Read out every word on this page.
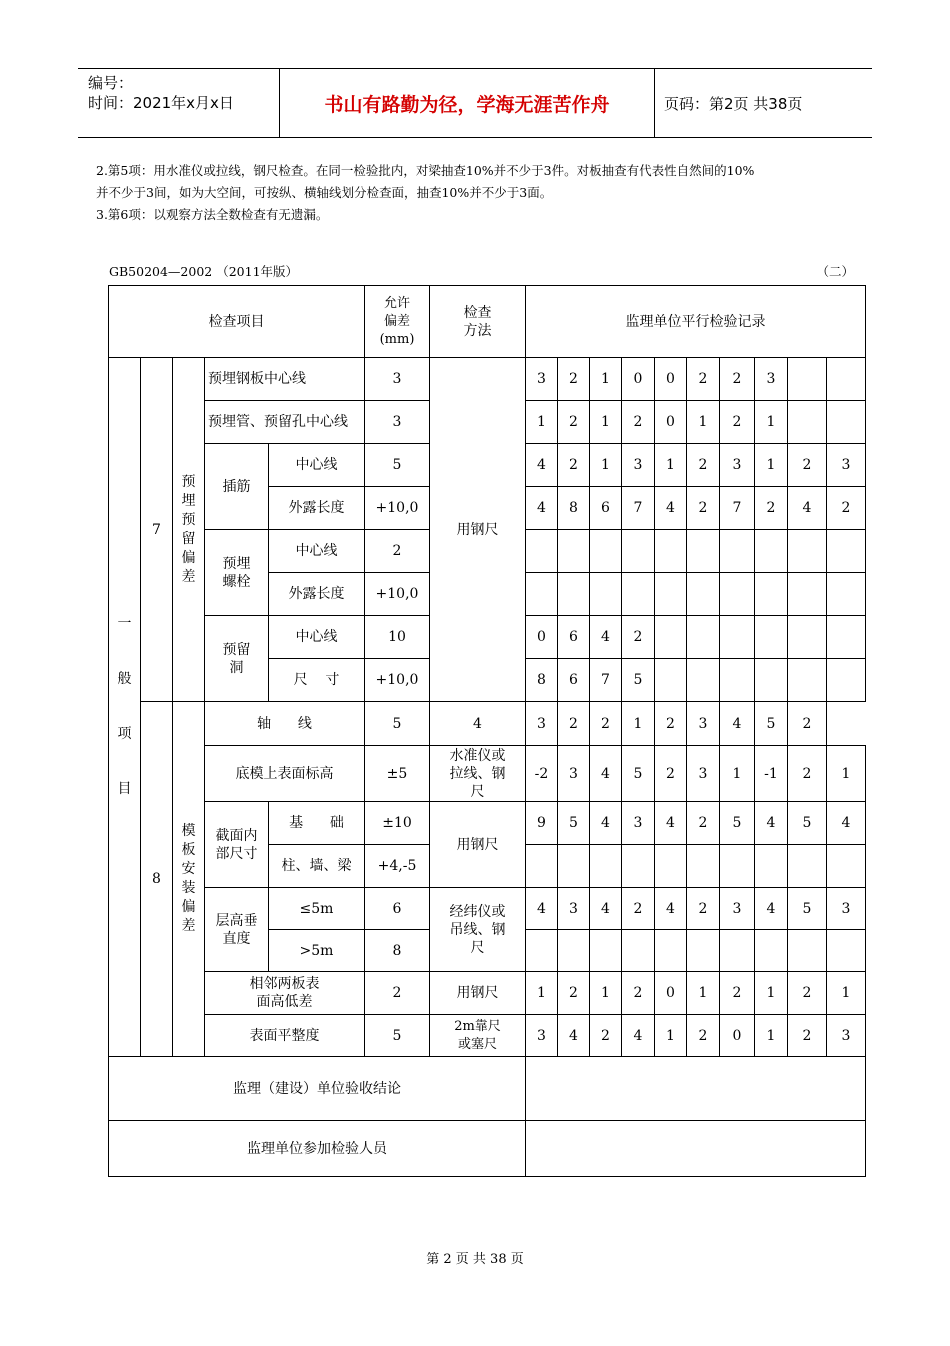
编号：
时间：2021年x月x日	书山有路勤为径，学海无涯苦作舟	页码：第2页 共38页

2.第5项：用水准仪或拉线，钢尺检查。在同一检验批内，对梁抽查10%并不少于3件。对板抽查有代表性自然间的10%

并不少于3间，如为大空间，可按纵、横轴线划分检查面，抽查10%并不少于3面。

3.第6项：以观察方法全数检查有无遗漏。

GB50204—2002 （2011年版）	（二）
检查项目					允许偏差(mm)	检查方法	监理单位平行检验记录									
一般项目	7	预埋预留偏差	预埋钢板中心线		3	用钢尺	3	2	1	0	0	2	2	3		
			预埋管、预留孔中心线		3		1	2	1	2	0	1	2	1		
			插筋	中心线	5		4	2	1	3	1	2	3	1	2	3
				外露长度	+10,0		4	8	6	7	4	2	7	2	4	2
			预埋螺栓	中心线	2											
				外露长度	+10,0											
			预留洞	中心线	10		0	6	4	2						
				尺    寸	+10,0		8	6	7	5						
	8	模板安装偏差	轴      线		5	4	3	2	2	1	2	3	4	5	2	
			底模上表面标高		±5	水准仪或拉线、钢尺	-2	3	4	5	2	3	1	-1	2	1
			截面内部尺寸	基      础	±10	用钢尺	9	5	4	3	4	2	5	4	5	4
				柱、墙、梁	+4,-5											
			层高垂直度	≤5m	6	经纬仪或吊线、钢尺	4	3	4	2	4	2	3	4	5	3
				>5m	8											
			相邻两板表面高低差		2	用钢尺	1	2	1	2	0	1	2	1	2	1
			表面平整度		5	2m靠尺或塞尺	3	4	2	4	1	2	0	1	2	3
监理（建设）单位验收结论																
监理单位参加检验人员																
第 2 页 共 38 页
